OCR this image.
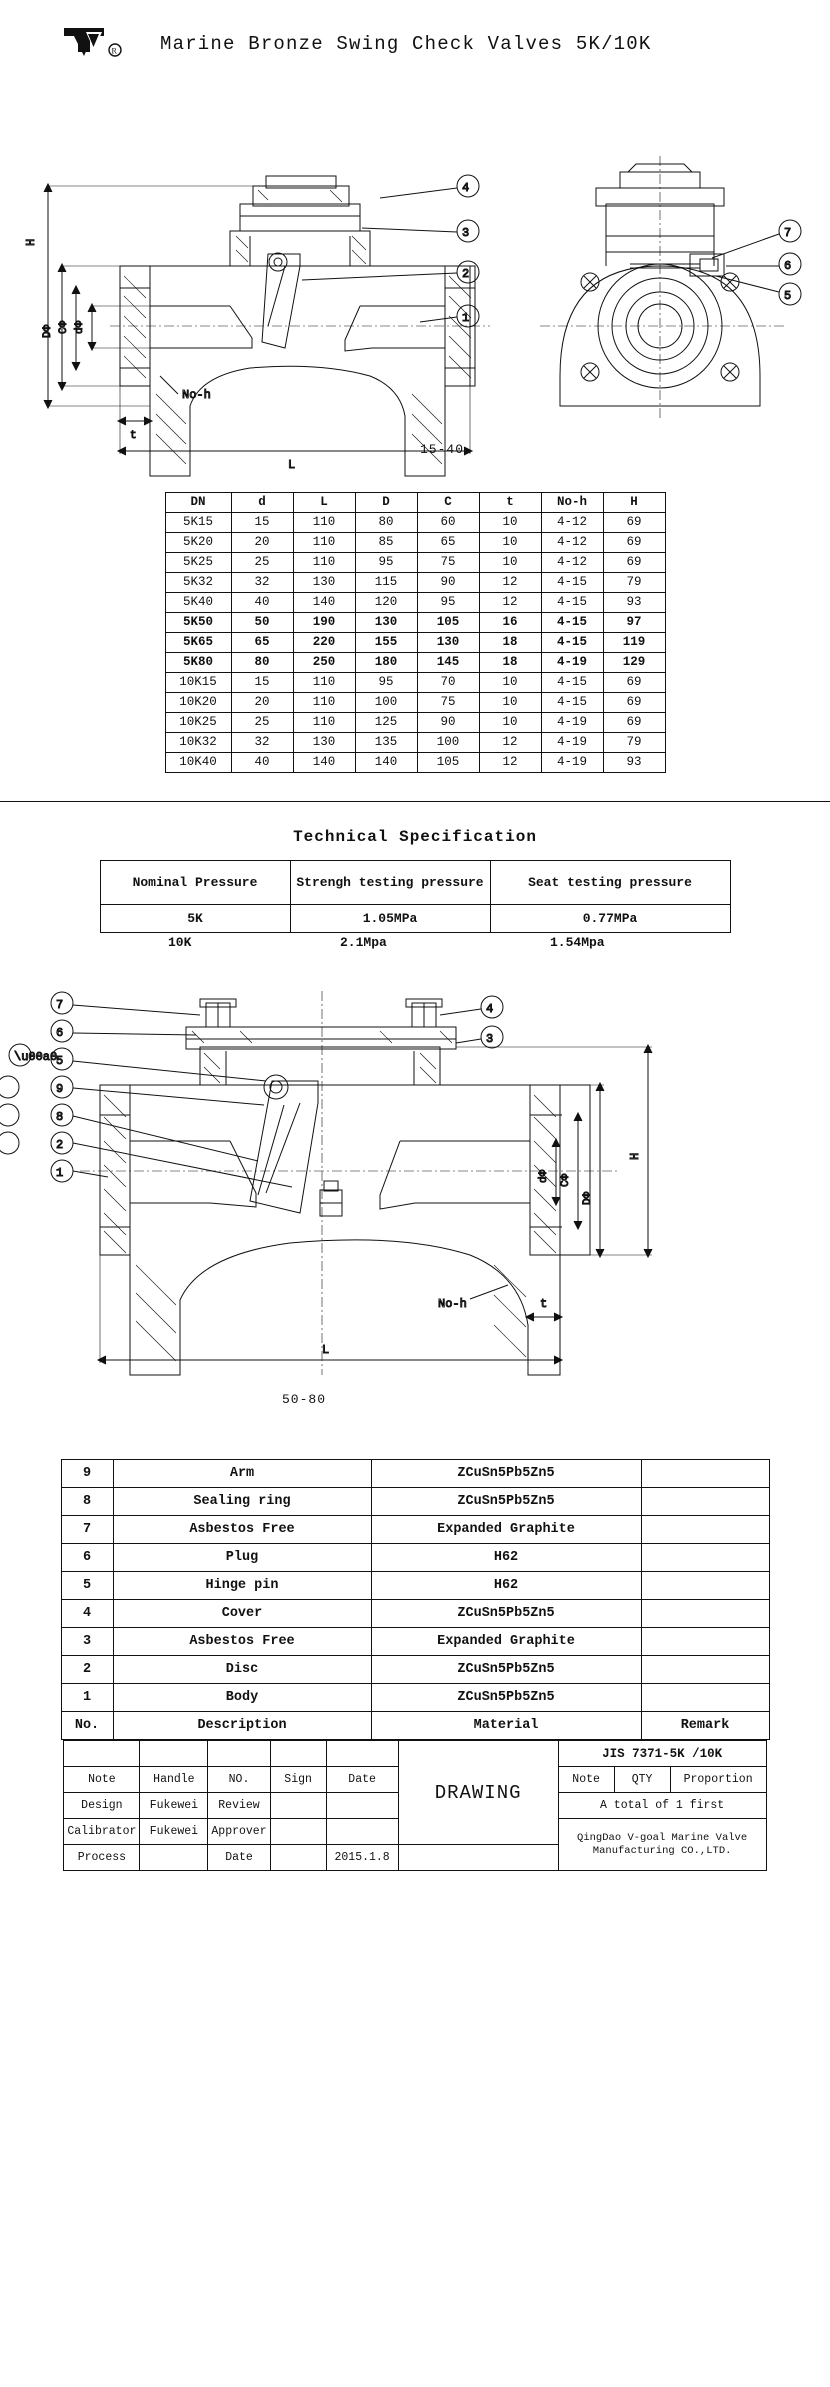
R Marine Bronze Swing Check Valves 5K/10K
H
DΦ CΦ dΦ
t
L
No-h
4
3
2
1
7
6
5
15-40
DN	d	L	D	C	t	No-h	H
5K15	15	110	80	60	10	4-12	69
5K20	20	110	85	65	10	4-12	69
5K25	25	110	95	75	10	4-12	69
5K32	32	130	115	90	12	4-15	79
5K40	40	140	120	95	12	4-15	93
5K50	50	190	130	105	16	4-15	97
5K65	65	220	155	130	18	4-15	119
5K80	80	250	180	145	18	4-19	129
10K15	15	110	95	70	10	4-15	69
10K20	20	110	100	75	10	4-15	69
10K25	25	110	125	90	10	4-19	69
10K32	32	130	135	100	12	4-19	79
10K40	40	140	140	105	12	4-19	93
Technical Specification
Nominal Pressure	Strengh testing pressure	Seat testing pressure
5K	1.05MPa	0.77MPa
10K	2.1Mpa	1.54Mpa
H
DΦ
CΦ
dΦ
No-h	t
L
7
6
\u00a0
5
9
8
2
1
4
3
50-80
9	Arm	ZCuSn5Pb5Zn5	
8	Sealing ring	ZCuSn5Pb5Zn5	
7	Asbestos Free	Expanded Graphite	
6	Plug	H62	
5	Hinge pin	H62	
4	Cover	ZCuSn5Pb5Zn5	
3	Asbestos Free	Expanded Graphite	
2	Disc	ZCuSn5Pb5Zn5	
1	Body	ZCuSn5Pb5Zn5	
No.	Description	Material	Remark
					DRAWING	JIS 7371-5K /10K		
Note	Handle	NO.	Sign	Date		Note	QTY	Proportion
Design	Fukewei	Review				A total of 1 first		
Calibrator	Fukewei	Approver				QingDao V-goal Marine Valve Manufacturing CO.,LTD.		
Process		Date		2015.1.8				
